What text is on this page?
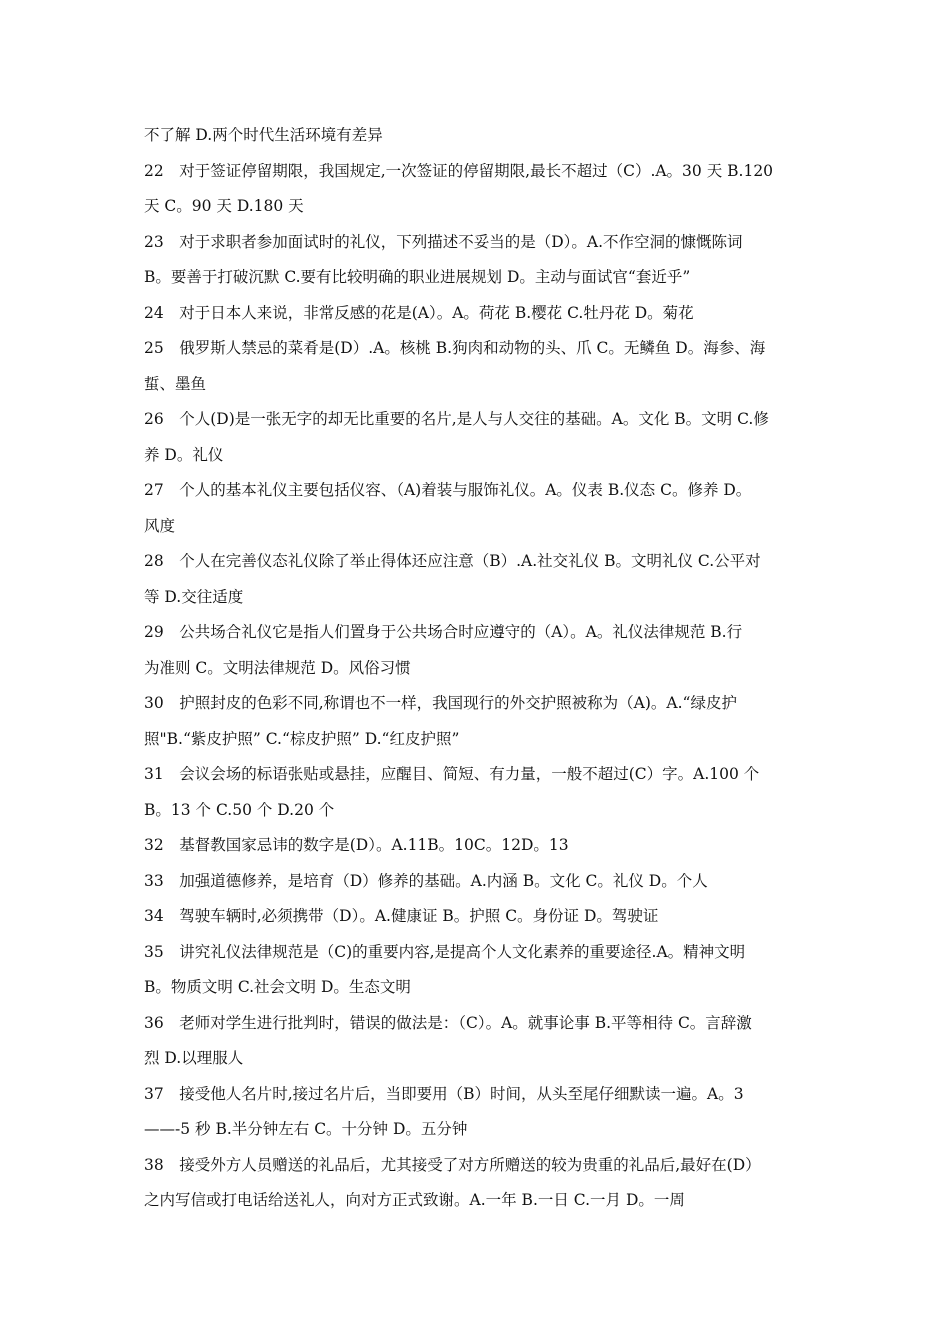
不了解 D.两个时代生活环境有差异
22　对于签证停留期限，我国规定,一次签证的停留期限,最长不超过（C）.A。30 天 B.120
天 C。90 天 D.180 天
23　对于求职者参加面试时的礼仪，下列描述不妥当的是（D）。A.不作空洞的慷慨陈词
B。要善于打破沉默 C.要有比较明确的职业进展规划 D。主动与面试官“套近乎”
24　对于日本人来说，非常反感的花是(A）。A。荷花 B.樱花 C.牡丹花 D。菊花
25　俄罗斯人禁忌的菜肴是(D）.A。核桃 B.狗肉和动物的头、爪 C。无鳞鱼 D。海参、海
蜇、墨鱼
26　个人(D)是一张无字的却无比重要的名片,是人与人交往的基础。A。文化 B。文明 C.修
养 D。礼仪
27　个人的基本礼仪主要包括仪容、（A)着装与服饰礼仪。A。仪表 B.仪态 C。修养 D。
风度
28　个人在完善仪态礼仪除了举止得体还应注意（B）.A.社交礼仪 B。文明礼仪 C.公平对
等 D.交往适度
29　公共场合礼仪它是指人们置身于公共场合时应遵守的（A）。A。礼仪法律规范 B.行
为准则 C。文明法律规范 D。风俗习惯
30　护照封皮的色彩不同,称谓也不一样，我国现行的外交护照被称为（A)。A.“绿皮护
照"B.“紫皮护照” C.“棕皮护照” D.“红皮护照”
31　会议会场的标语张贴或悬挂，应醒目、简短、有力量，一般不超过(C）字。A.100 个
B。13 个 C.50 个 D.20 个
32　基督教国家忌讳的数字是(D）。A.11B。10C。12D。13
33　加强道德修养，是培育（D）修养的基础。A.内涵 B。文化 C。礼仪 D。个人
34　驾驶车辆时,必须携带（D）。A.健康证 B。护照 C。身份证 D。驾驶证
35　讲究礼仪法律规范是（C)的重要内容,是提高个人文化素养的重要途径.A。精神文明
B。物质文明 C.社会文明 D。生态文明
36　老师对学生进行批判时，错误的做法是：（C）。A。就事论事 B.平等相待 C。言辞激
烈 D.以理服人
37　接受他人名片时,接过名片后，当即要用（B）时间，从头至尾仔细默读一遍。A。3
——-5 秒 B.半分钟左右 C。十分钟 D。五分钟
38　接受外方人员赠送的礼品后，尤其接受了对方所赠送的较为贵重的礼品后,最好在(D）
之内写信或打电话给送礼人，向对方正式致谢。A.一年 B.一日 C.一月 D。一周
